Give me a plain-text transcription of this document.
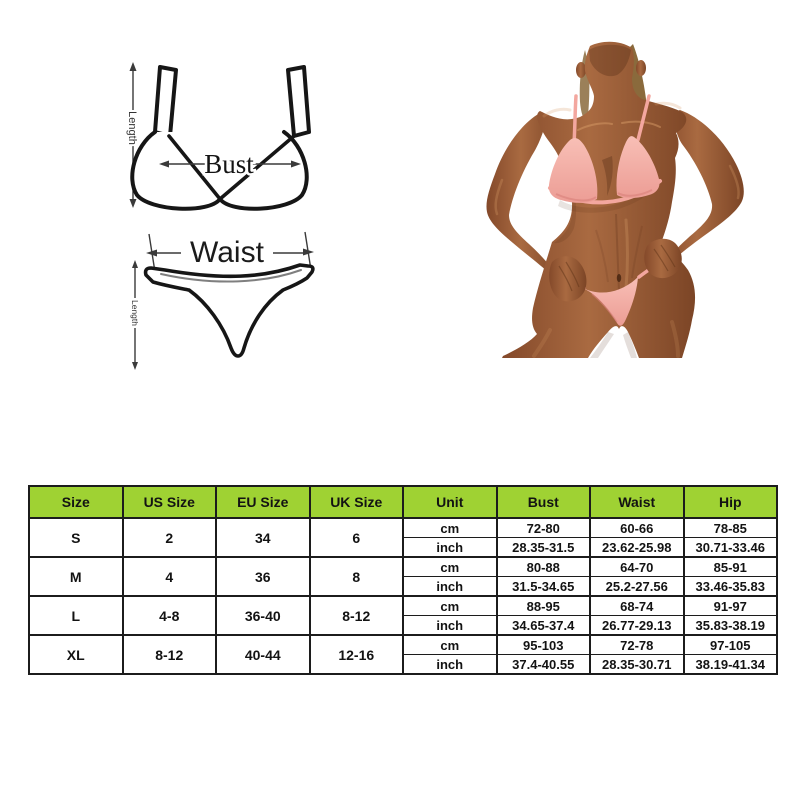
Length
Bust
Waist
Length
Size	US Size	EU Size	UK Size	Unit	Bust	Waist	Hip
S	2	34	6	cm	72-80	60-66	78-85
				inch	28.35-31.5	23.62-25.98	30.71-33.46
M	4	36	8	cm	80-88	64-70	85-91
				inch	31.5-34.65	25.2-27.56	33.46-35.83
L	4-8	36-40	8-12	cm	88-95	68-74	91-97
				inch	34.65-37.4	26.77-29.13	35.83-38.19
XL	8-12	40-44	12-16	cm	95-103	72-78	97-105
				inch	37.4-40.55	28.35-30.71	38.19-41.34
